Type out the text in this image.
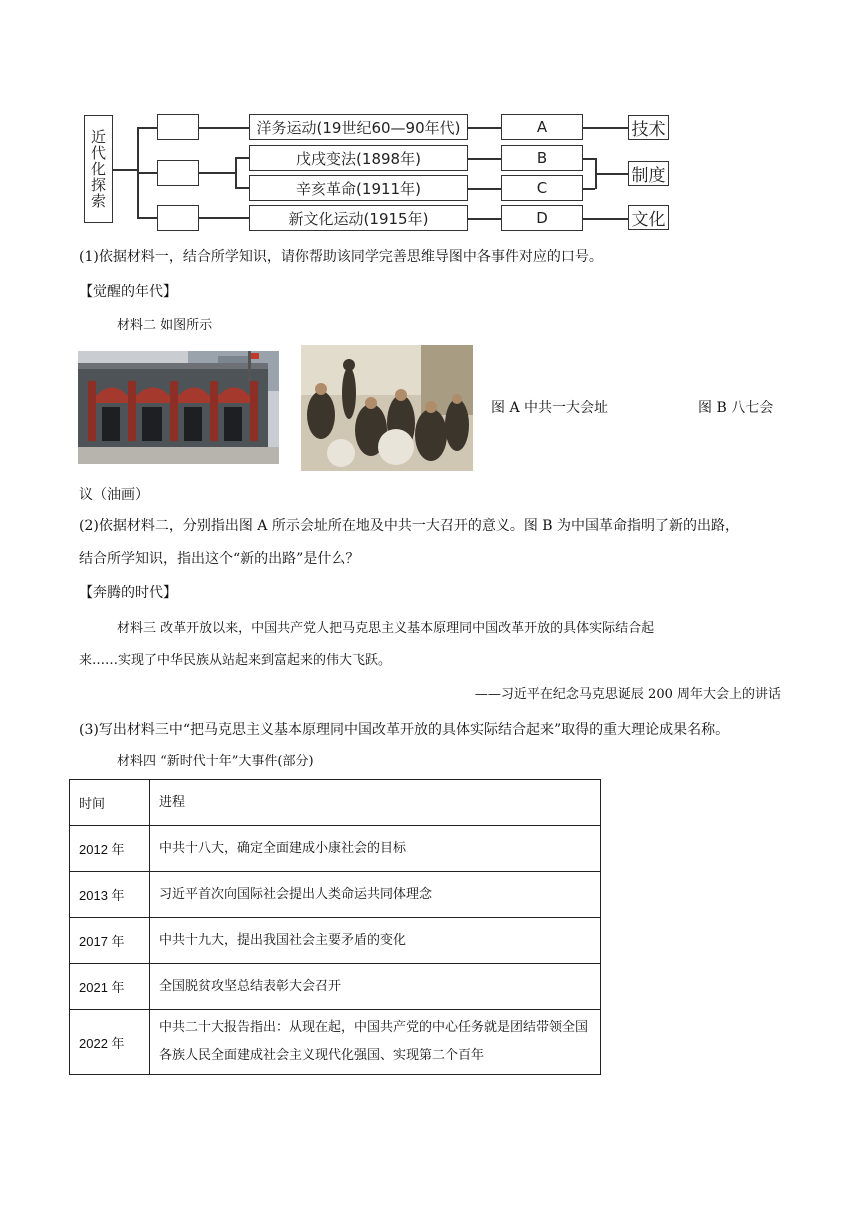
近代化探索
洋务运动(19世纪60—90年代)
戊戌变法(1898年)
辛亥革命(1911年)
新文化运动(1915年)
A
B
C
D
技术
制度
文化
(1)依据材料一，结合所学知识，请你帮助该同学完善思维导图中各事件对应的口号。
【觉醒的年代】
材料二 如图所示
图 A 中共一大会址	图 B 八七会
议（油画）
(2)依据材料二，分别指出图 A 所示会址所在地及中共一大召开的意义。图 B 为中国革命指明了新的出路，
结合所学知识，指出这个“新的出路”是什么？
【奔腾的时代】
材料三 改革开放以来，中国共产党人把马克思主义基本原理同中国改革开放的具体实际结合起
来……实现了中华民族从站起来到富起来的伟大飞跃。
——习近平在纪念马克思诞辰 200 周年大会上的讲话
(3)写出材料三中“把马克思主义基本原理同中国改革开放的具体实际结合起来”取得的重大理论成果名称。
材料四 “新时代十年”大事件(部分)
时间	进程
2012 年	中共十八大，确定全面建成小康社会的目标
2013 年	习近平首次向国际社会提出人类命运共同体理念
2017 年	中共十九大，提出我国社会主要矛盾的变化
2021 年	全国脱贫攻坚总结表彰大会召开
2022 年	中共二十大报告指出：从现在起，中国共产党的中心任务就是团结带领全国各族人民全面建成社会主义现代化强国、实现第二个百年
